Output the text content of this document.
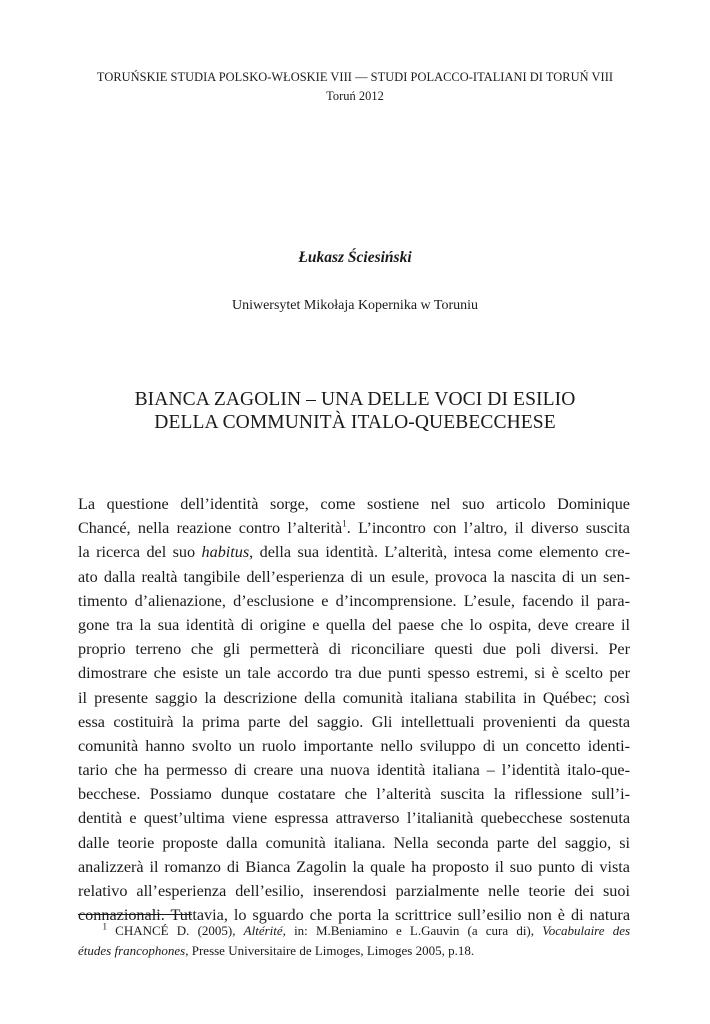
TORUŃSKIE STUDIA POLSKO-WŁOSKIE VIII — STUDI POLACCO-ITALIANI DI TORUŃ VIII
Toruń 2012
Łukasz Ściesiński
Uniwersytet Mikołaja Kopernika w Toruniu
BIANCA ZAGOLIN – UNA DELLE VOCI DI ESILIO
DELLA COMMUNITÀ ITALO-QUEBECCHESE
La questione dell’identità sorge, come sostiene nel suo articolo Dominique
Chancé, nella reazione contro l’alterità$^1$. L’incontro con l’altro, il diverso suscita
la ricerca del suo habitus, della sua identità. L’alterità, intesa come elemento cre-
ato dalla realtà tangibile dell’esperienza di un esule, provoca la nascita di un sen-
timento d’alienazione, d’esclusione e d’incomprensione. L’esule, facendo il para-
gone tra la sua identità di origine e quella del paese che lo ospita, deve creare il
proprio terreno che gli permetterà di riconciliare questi due poli diversi. Per
dimostrare che esiste un tale accordo tra due punti spesso estremi, si è scelto per
il presente saggio la descrizione della comunità italiana stabilita in Québec; così
essa costituirà la prima parte del saggio. Gli intellettuali provenienti da questa
comunità hanno svolto un ruolo importante nello sviluppo di un concetto identi-
tario che ha permesso di creare una nuova identità italiana – l’identità italo-que-
becchese. Possiamo dunque costatare che l’alterità suscita la riflessione sull’i-
dentità e quest’ultima viene espressa attraverso l’italianità quebecchese sostenuta
dalle teorie proposte dalla comunità italiana. Nella seconda parte del saggio, si
analizzerà il romanzo di Bianca Zagolin la quale ha proposto il suo punto di vista
relativo all’esperienza dell’esilio, inserendosi parzialmente nelle teorie dei suoi
connazionali. Tuttavia, lo sguardo che porta la scrittrice sull’esilio non è di natura
$^1$ CHANCÉ D. (2005), Altérité, in: M.Beniamino e L.Gauvin (a cura di), Vocabulaire des
études francophones, Presse Universitaire de Limoges, Limoges 2005, p.18.
